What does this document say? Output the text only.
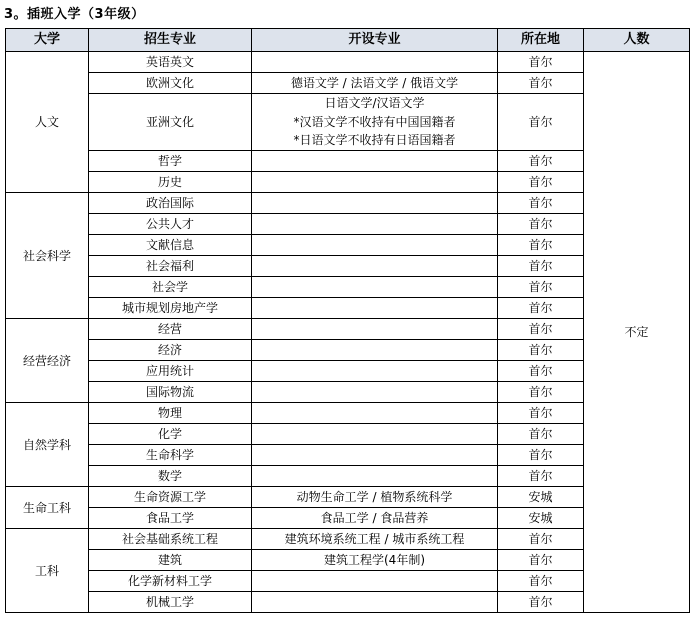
3。插班入学（3年级）
大学	招生专业	开设专业	所在地	人数
人文	英语英文		首尔	不定
	欧洲文化	德语文学 / 法语文学 / 俄语文学	首尔	
	亚洲文化	日语文学/汉语文学
*汉语文学不收持有中国国籍者
*日语文学不收持有日语国籍者	首尔	
	哲学		首尔	
	历史		首尔	
社会科学	政治国际		首尔	
	公共人才		首尔	
	文献信息		首尔	
	社会福利		首尔	
	社会学		首尔	
	城市规划房地产学		首尔	
经营经济	经营		首尔	
	经济		首尔	
	应用统计		首尔	
	国际物流		首尔	
自然学科	物理		首尔	
	化学		首尔	
	生命科学		首尔	
	数学		首尔	
生命工科	生命资源工学	动物生命工学 / 植物系统科学	安城	
	食品工学	食品工学 / 食品营养	安城	
工科	社会基础系统工程	建筑环境系统工程 / 城市系统工程	首尔	
	建筑	建筑工程学(4年制)	首尔	
	化学新材料工学		首尔	
	机械工学		首尔	
